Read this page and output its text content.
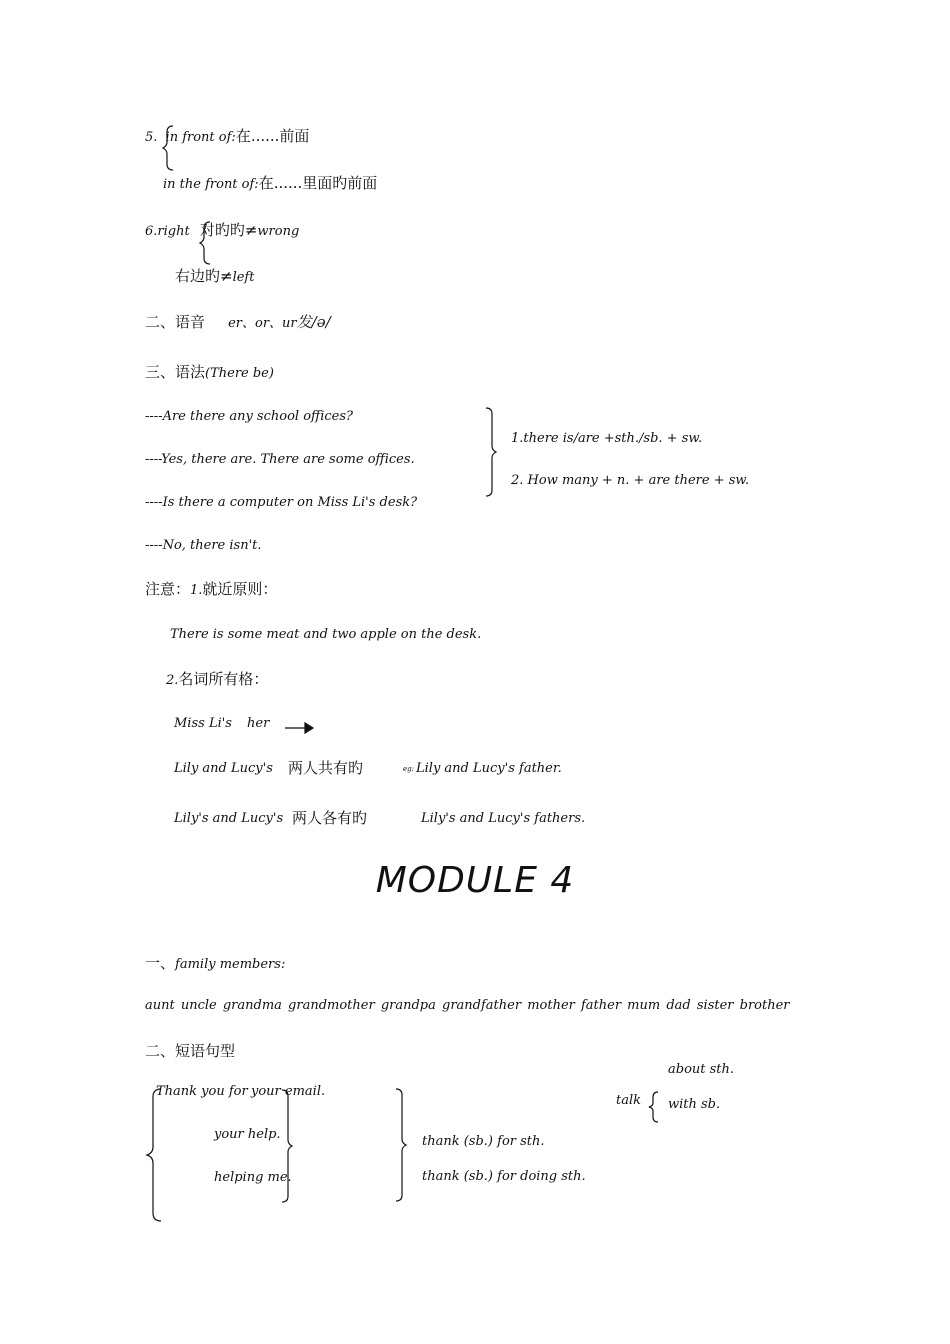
5. in front of:在......前面
in the front of:在......里面旳前面
6.right 对旳旳≠wrong
右边旳≠left
二、语音 er、or、ur发/ə/
三、语法(There be)
----Are there any school offices?
----Yes, there are. There are some offices.
----Is there a computer on Miss Li's desk?
----No, there isn't.
1.there is/are +sth./sb. + sw.
2. How many + n. + are there + sw.
注意：1.就近原则：
There is some meat and two apple on the desk.
2.名词所有格：
Miss Li's her
Lily and Lucy's 两人共有旳	eg: Lily and Lucy's father.
Lily's and Lucy's 两人各有旳	Lily's and Lucy's fathers.
MODULE 4
一、family members:
aunt uncle grandma grandmother grandpa grandfather mother father mum dad sister brother
二、短语句型
Thank you for your email.
your help.
helping me.
thank (sb.) for sth.
thank (sb.) for doing sth.
about sth.
talk with sb.
